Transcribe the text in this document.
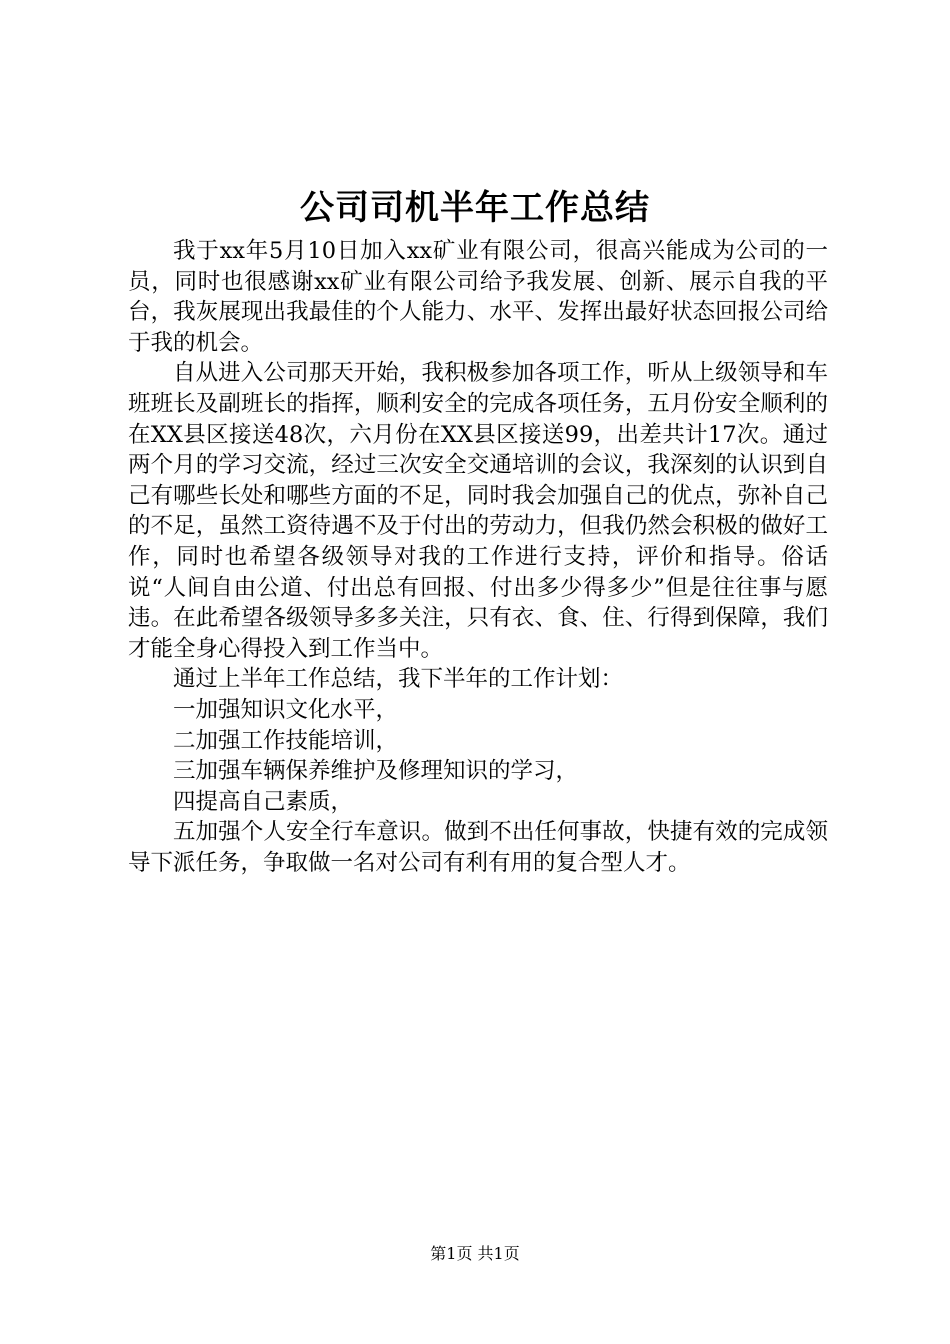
公司司机半年工作总结

我于xx年5月10日加入xx矿业有限公司，很高兴能成为公司的一员，同时也很感谢xx矿业有限公司给予我发展、创新、展示自我的平台，我灰展现出我最佳的个人能力、水平、发挥出最好状态回报公司给于我的机会。

自从进入公司那天开始，我积极参加各项工作，听从上级领导和车班班长及副班长的指挥，顺利安全的完成各项任务，五月份安全顺利的在XX县区接送48次，六月份在XX县区接送99，出差共计17次。通过两个月的学习交流，经过三次安全交通培训的会议，我深刻的认识到自己有哪些长处和哪些方面的不足，同时我会加强自己的优点，弥补自己的不足，虽然工资待遇不及于付出的劳动力，但我仍然会积极的做好工作，同时也希望各级领导对我的工作进行支持，评价和指导。俗话说“人间自由公道、付出总有回报、付出多少得多少”但是往往事与愿违。在此希望各级领导多多关注，只有衣、食、住、行得到保障，我们才能全身心得投入到工作当中。

通过上半年工作总结，我下半年的工作计划：

一加强知识文化水平，

二加强工作技能培训，

三加强车辆保养维护及修理知识的学习，

四提高自己素质，

五加强个人安全行车意识。做到不出任何事故，快捷有效的完成领导下派任务，争取做一名对公司有利有用的复合型人才。

第1页 共1页
